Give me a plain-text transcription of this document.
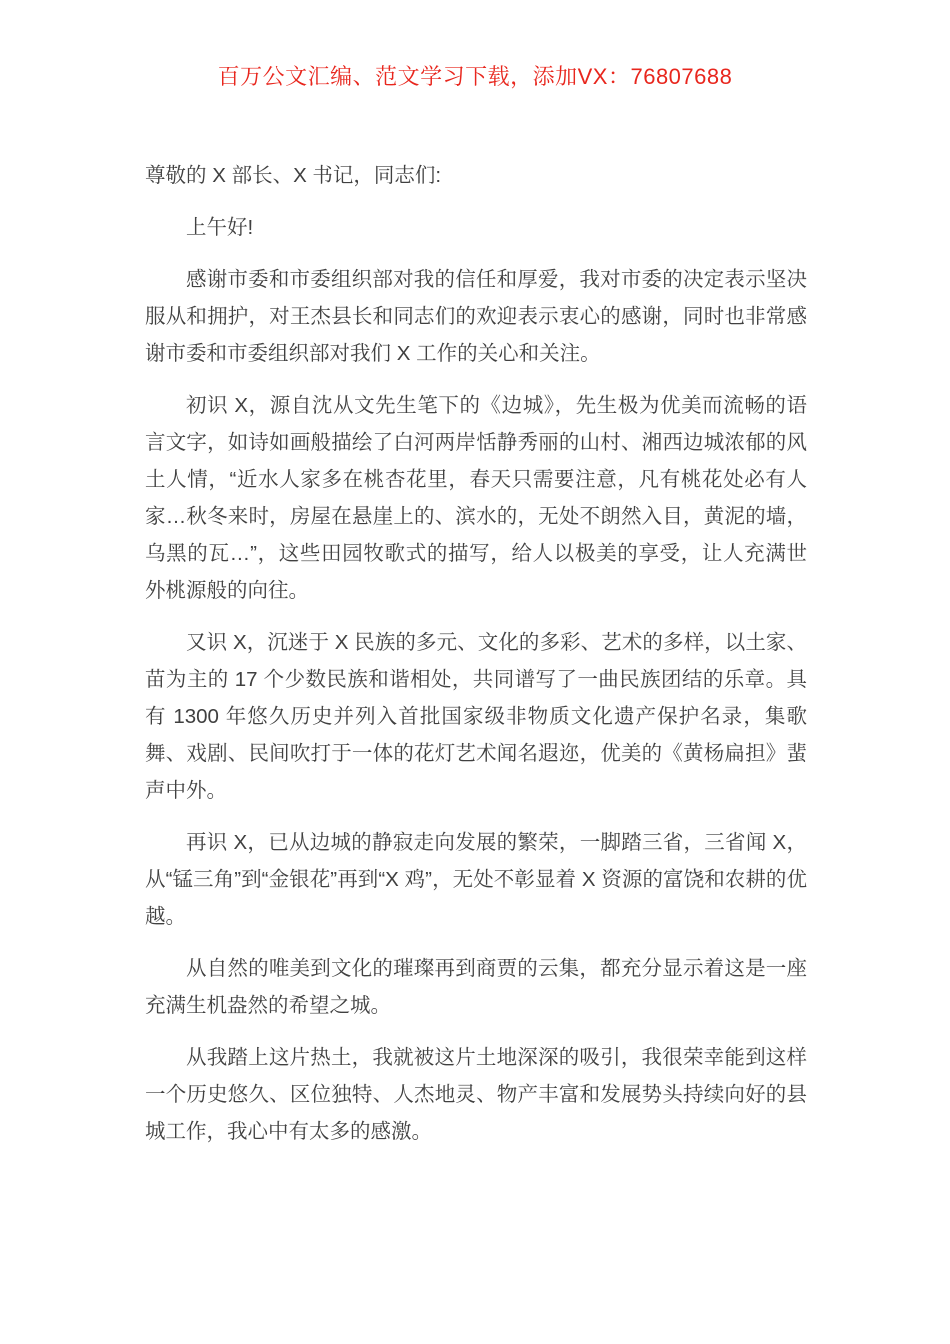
百万公文汇编、范文学习下载，添加VX：76807688

尊敬的 X 部长、X 书记，同志们:

上午好!

感谢市委和市委组织部对我的信任和厚爱，我对市委的决定表示坚决服从和拥护，对王杰县长和同志们的欢迎表示衷心的感谢，同时也非常感谢市委和市委组织部对我们 X 工作的关心和关注。

初识 X，源自沈从文先生笔下的《边城》，先生极为优美而流畅的语言文字，如诗如画般描绘了白河两岸恬静秀丽的山村、湘西边城浓郁的风土人情，“近水人家多在桃杏花里，春天只需要注意，凡有桃花处必有人家…秋冬来时，房屋在悬崖上的、滨水的，无处不朗然入目，黄泥的墙，乌黑的瓦…”，这些田园牧歌式的描写，给人以极美的享受，让人充满世外桃源般的向往。

又识 X，沉迷于 X 民族的多元、文化的多彩、艺术的多样，以土家、苗为主的 17 个少数民族和谐相处，共同谱写了一曲民族团结的乐章。具有 1300 年悠久历史并列入首批国家级非物质文化遗产保护名录，集歌舞、戏剧、民间吹打于一体的花灯艺术闻名遐迩，优美的《黄杨扁担》蜚声中外。

再识 X，已从边城的静寂走向发展的繁荣，一脚踏三省，三省闻 X，从“锰三角”到“金银花”再到“X 鸡”，无处不彰显着 X 资源的富饶和农耕的优越。

从自然的唯美到文化的璀璨再到商贾的云集，都充分显示着这是一座充满生机盎然的希望之城。

从我踏上这片热土，我就被这片土地深深的吸引，我很荣幸能到这样一个历史悠久、区位独特、人杰地灵、物产丰富和发展势头持续向好的县城工作，我心中有太多的感激。
